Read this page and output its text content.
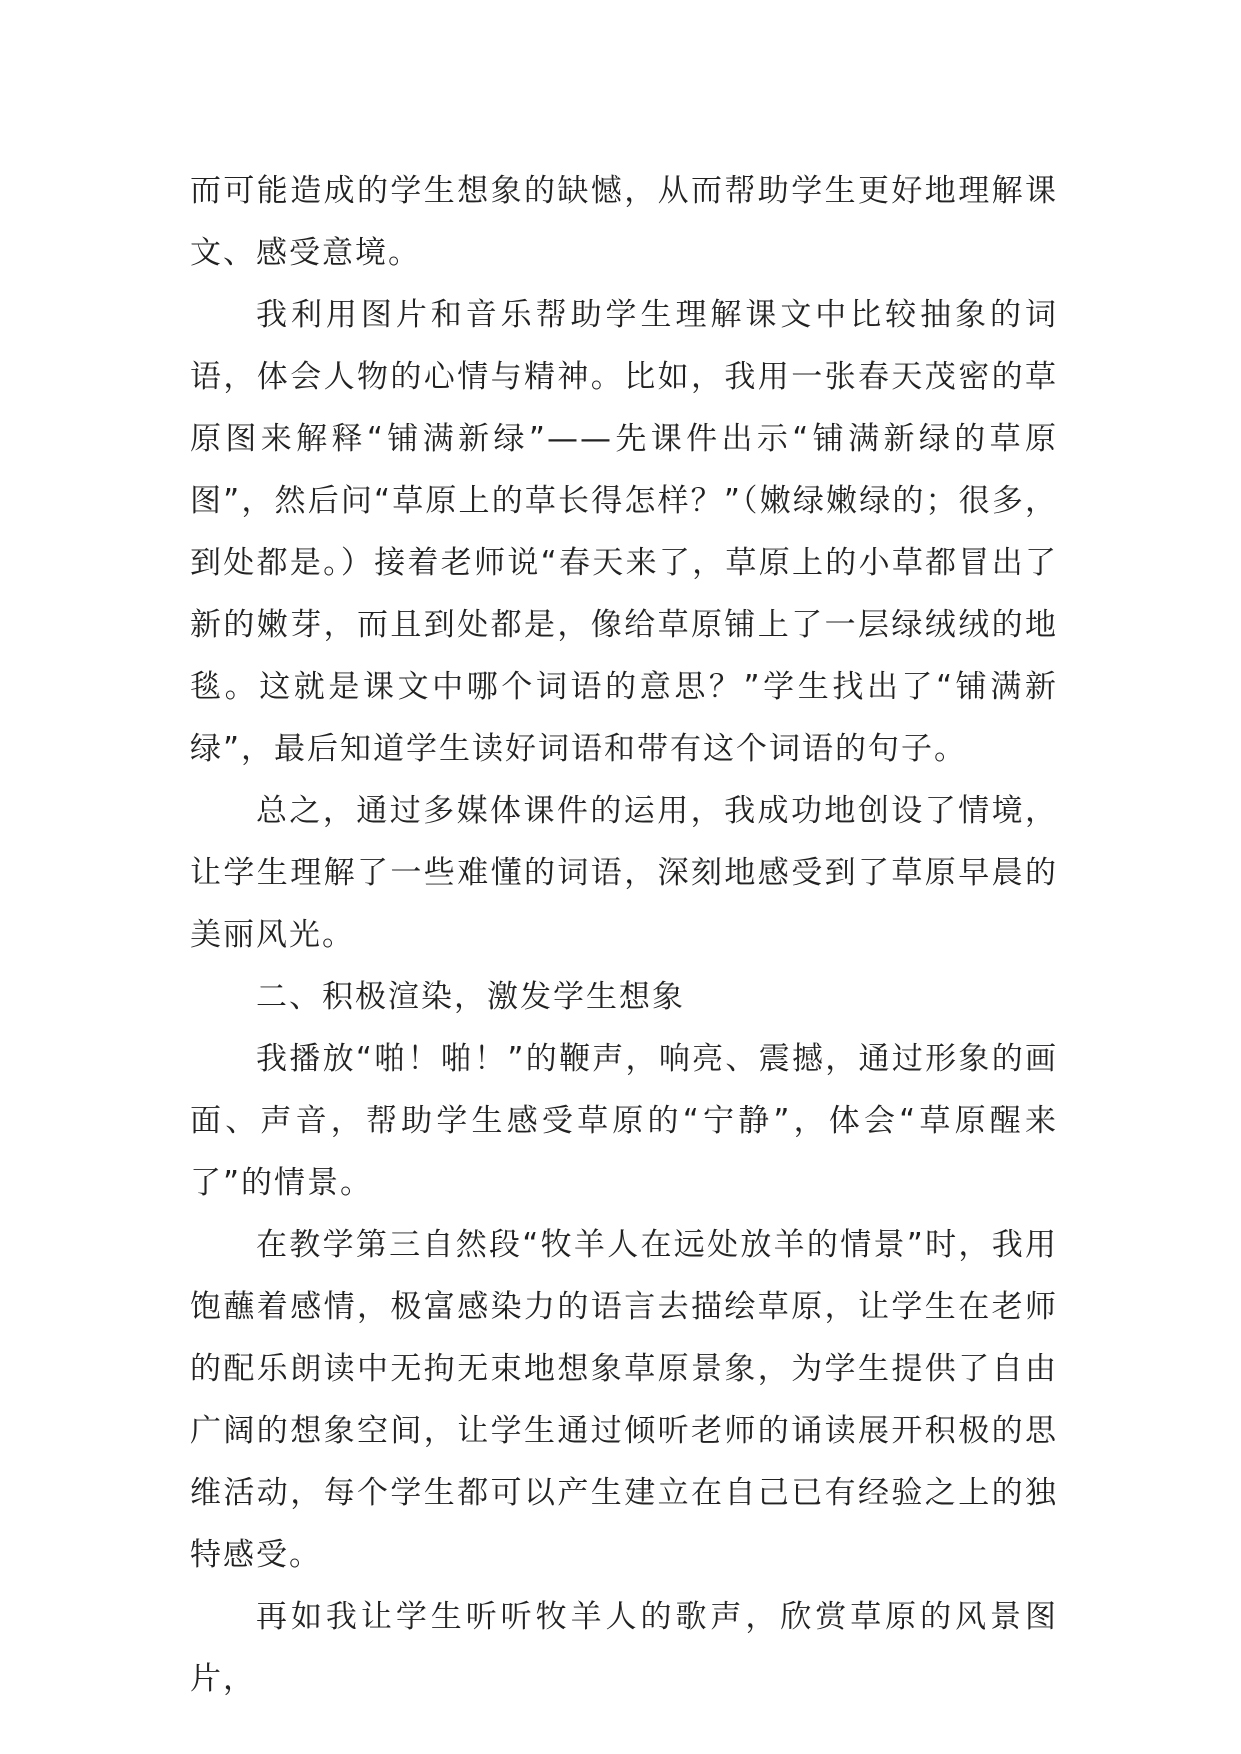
而可能造成的学生想象的缺憾，从而帮助学生更好地理解课文、感受意境。

我利用图片和音乐帮助学生理解课文中比较抽象的词语，体会人物的心情与精神。比如，我用一张春天茂密的草原图来解释“铺满新绿”——先课件出示“铺满新绿的草原图”，然后问“草原上的草长得怎样？”（嫩绿嫩绿的；很多，到处都是。）接着老师说“春天来了，草原上的小草都冒出了新的嫩芽，而且到处都是，像给草原铺上了一层绿绒绒的地毯。这就是课文中哪个词语的意思？”学生找出了“铺满新绿”，最后知道学生读好词语和带有这个词语的句子。

总之，通过多媒体课件的运用，我成功地创设了情境，让学生理解了一些难懂的词语，深刻地感受到了草原早晨的美丽风光。

二、积极渲染，激发学生想象

我播放“啪！啪！”的鞭声，响亮、震撼，通过形象的画面、声音，帮助学生感受草原的“宁静”，体会“草原醒来了”的情景。

在教学第三自然段“牧羊人在远处放羊的情景”时，我用饱蘸着感情，极富感染力的语言去描绘草原，让学生在老师的配乐朗读中无拘无束地想象草原景象，为学生提供了自由广阔的想象空间，让学生通过倾听老师的诵读展开积极的思维活动，每个学生都可以产生建立在自己已有经验之上的独特感受。

再如我让学生听听牧羊人的歌声，欣赏草原的风景图片，
